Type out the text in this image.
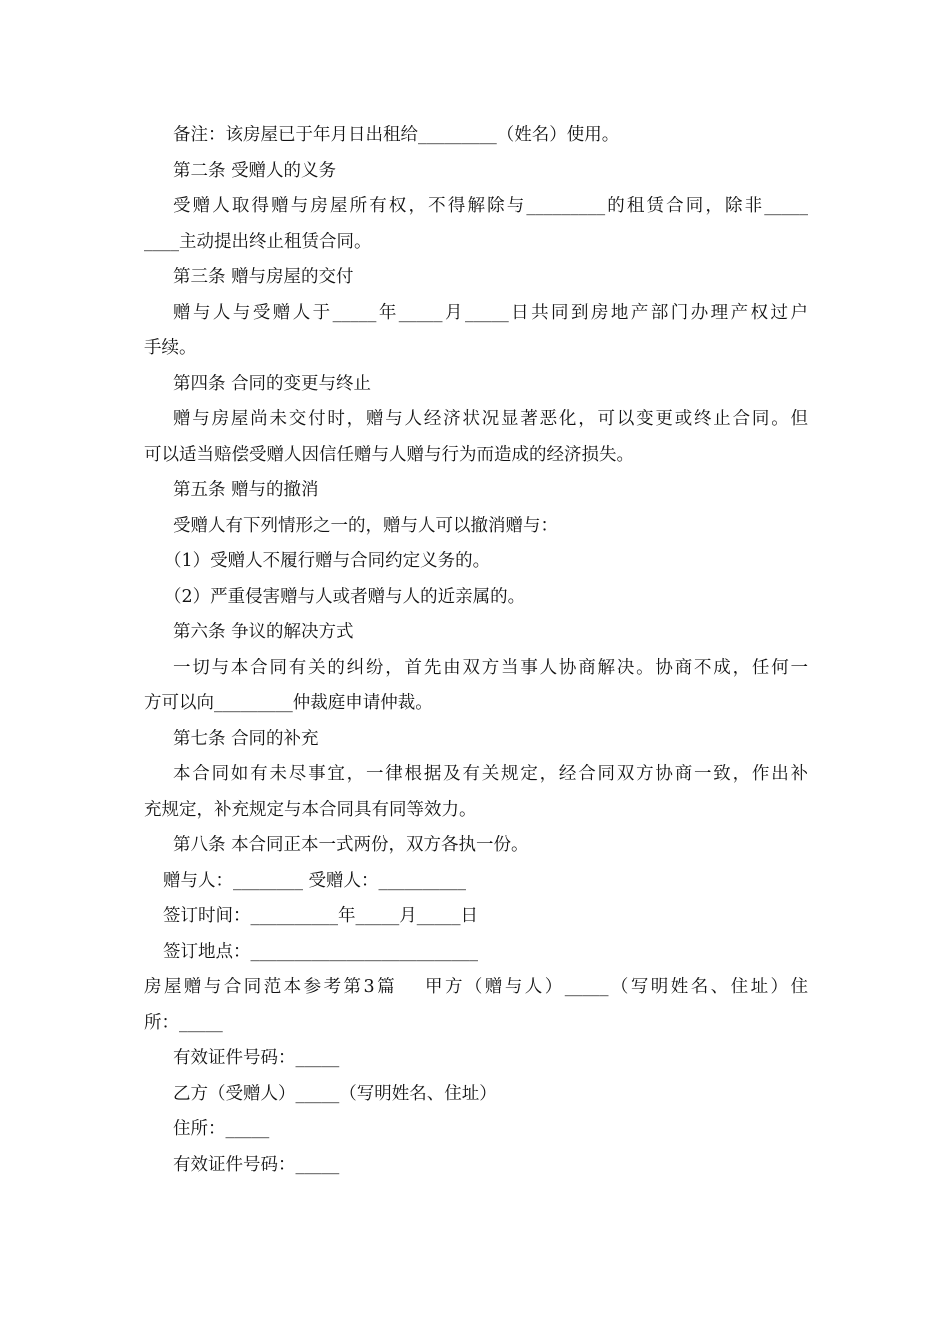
备注：该房屋已于年月日出租给_________（姓名）使用。
第二条 受赠人的义务
受赠人取得赠与房屋所有权，不得解除与_________的租赁合同，除非_____
____主动提出终止租赁合同。
第三条 赠与房屋的交付
赠与人与受赠人于_____年_____月_____日共同到房地产部门办理产权过户
手续。
第四条 合同的变更与终止
赠与房屋尚未交付时，赠与人经济状况显著恶化，可以变更或终止合同。但
可以适当赔偿受赠人因信任赠与人赠与行为而造成的经济损失。
第五条 赠与的撤消
受赠人有下列情形之一的，赠与人可以撤消赠与：
（1）受赠人不履行赠与合同约定义务的。
（2）严重侵害赠与人或者赠与人的近亲属的。
第六条 争议的解决方式
一切与本合同有关的纠纷，首先由双方当事人协商解决。协商不成，任何一
方可以向_________仲裁庭申请仲裁。
第七条 合同的补充
本合同如有未尽事宜，一律根据及有关规定，经合同双方协商一致，作出补
充规定，补充规定与本合同具有同等效力。
第八条 本合同正本一式两份，双方各执一份。
赠与人：________ 受赠人：__________
签订时间：__________年_____月_____日
签订地点：__________________________
房屋赠与合同范本参考第3篇　 甲方（赠与人）_____（写明姓名、住址）住
所：_____
有效证件号码：_____
乙方（受赠人）_____（写明姓名、住址）
住所：_____
有效证件号码：_____
